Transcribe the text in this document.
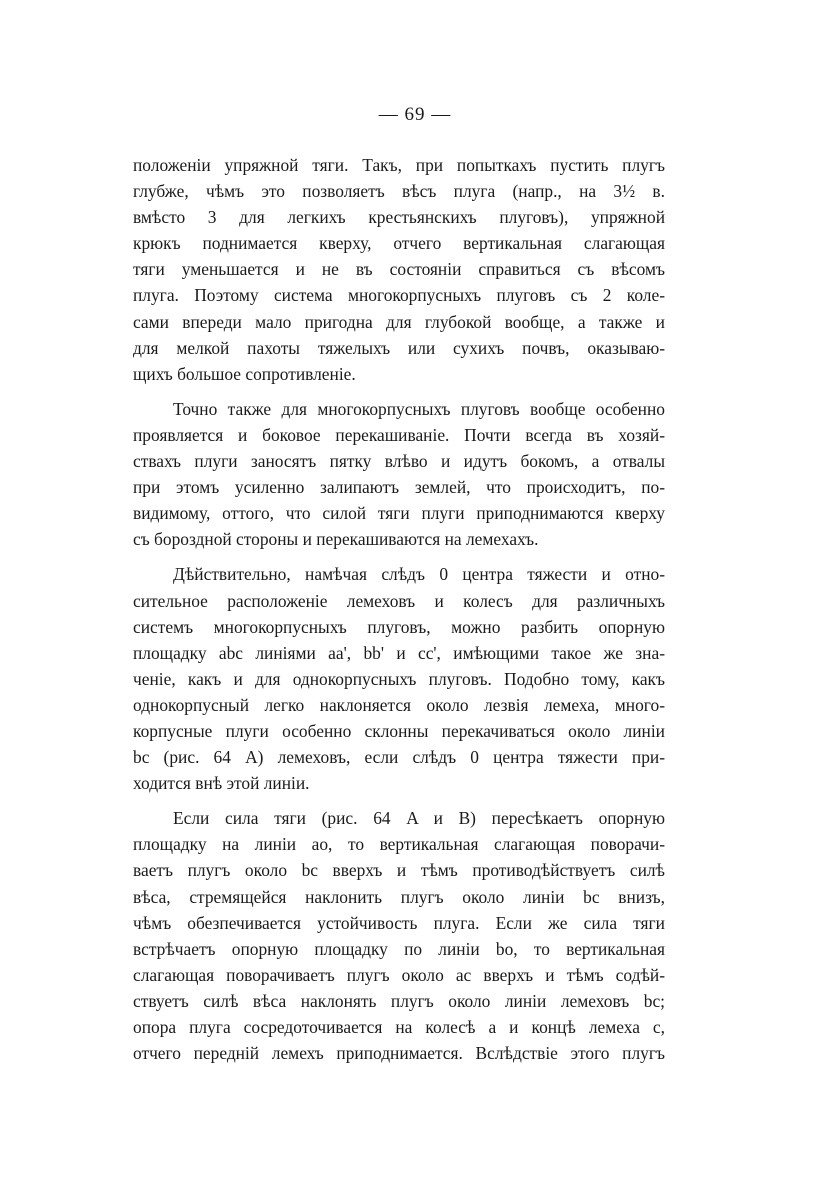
— 69 —
положенiи упряжной тяги. Такъ, при попыткахъ пустить плугъ
глубже, чѣмъ это позволяетъ вѣсъ плуга (напр., на 3½ в.
вмѣсто 3 для легкихъ крестьянскихъ плуговъ), упряжной
крюкъ поднимается кверху, отчего вертикальная слагающая
тяги уменьшается и не въ состоянiи справиться съ вѣсомъ
плуга. Поэтому система многокорпусныхъ плуговъ съ 2 коле-
сами впереди мало пригодна для глубокой вообще, а также и
для мелкой пахоты тяжелыхъ или сухихъ почвъ, оказываю-
щихъ большое сопротивленiе.
Точно также для многокорпусныхъ плуговъ вообще особенно
проявляется и боковое перекашиванiе. Почти всегда въ хозяй-
ствахъ плуги заносятъ пятку влѣво и идутъ бокомъ, а отвалы
при этомъ усиленно залипаютъ землей, что происходитъ, по-
видимому, оттого, что силой тяги плуги приподнимаются кверху
съ бороздной стороны и перекашиваются на лемехахъ.
Дѣйствительно, намѣчая слѣдъ 0 центра тяжести и отно-
сительное расположенiе лемеховъ и колесъ для различныхъ
системъ многокорпусныхъ плуговъ, можно разбить опорную
площадку abc линiями aa', bb' и cc', имѣющими такое же зна-
ченiе, какъ и для однокорпусныхъ плуговъ. Подобно тому, какъ
однокорпусный легко наклоняется около лезвiя лемеха, много-
корпусные плуги особенно склонны перекачиваться около линiи
bc (рис. 64 A) лемеховъ, если слѣдъ 0 центра тяжести при-
ходится внѣ этой линiи.
Если сила тяги (рис. 64 A и B) пересѣкаетъ опорную
площадку на линiи ao, то вертикальная слагающая поворачи-
ваетъ плугъ около bc вверхъ и тѣмъ противодѣйствуетъ силѣ
вѣса, стремящейся наклонить плугъ около линiи bc внизъ,
чѣмъ обезпечивается устойчивость плуга. Если же сила тяги
встрѣчаетъ опорную площадку по линiи bo, то вертикальная
слагающая поворачиваетъ плугъ около ac вверхъ и тѣмъ содѣй-
ствуетъ силѣ вѣса наклонять плугъ около линiи лемеховъ bc;
опора плуга сосредоточивается на колесѣ a и концѣ лемеха c,
отчего переднiй лемехъ приподнимается. Вслѣдствiе этого плугъ
